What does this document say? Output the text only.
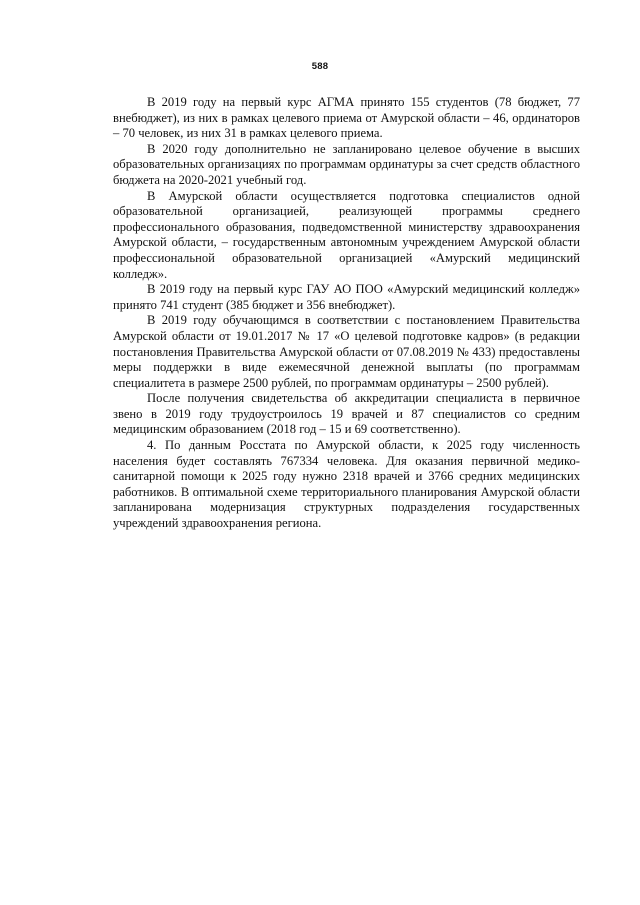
588

В 2019 году на первый курс АГМА принято 155 студентов (78 бюджет, 77 внебюджет), из них в рамках целевого приема от Амурской области – 46, ординаторов – 70 человек, из них 31 в рамках целевого приема.

В 2020 году дополнительно не запланировано целевое обучение в высших образовательных организациях по программам ординатуры за счет средств областного бюджета на 2020-2021 учебный год.

В Амурской области осуществляется подготовка специалистов одной образовательной организацией, реализующей программы среднего профессионального образования, подведомственной министерству здравоохранения Амурской области, – государственным автономным учреждением Амурской области профессиональной образовательной организацией «Амурский медицинский колледж».

В 2019 году на первый курс ГАУ АО ПОО «Амурский медицинский колледж» принято 741 студент (385 бюджет и 356 внебюджет).

В 2019 году обучающимся в соответствии с постановлением Правительства Амурской области от 19.01.2017 № 17 «О целевой подготовке кадров» (в редакции постановления Правительства Амурской области от 07.08.2019 № 433) предоставлены меры поддержки в виде ежемесячной денежной выплаты (по программам специалитета в размере 2500 рублей, по программам ординатуры – 2500 рублей).

После получения свидетельства об аккредитации специалиста в первичное звено в 2019 году трудоустроилось 19 врачей и 87 специалистов со средним медицинским образованием (2018 год – 15 и 69 соответственно).

4. По данным Росстата по Амурской области, к 2025 году численность населения будет составлять 767334 человека. Для оказания первичной медико-санитарной помощи к 2025 году нужно 2318 врачей и 3766 средних медицинских работников. В оптимальной схеме территориального планирования Амурской области запланирована модернизация структурных подразделения государственных учреждений здравоохранения региона.
